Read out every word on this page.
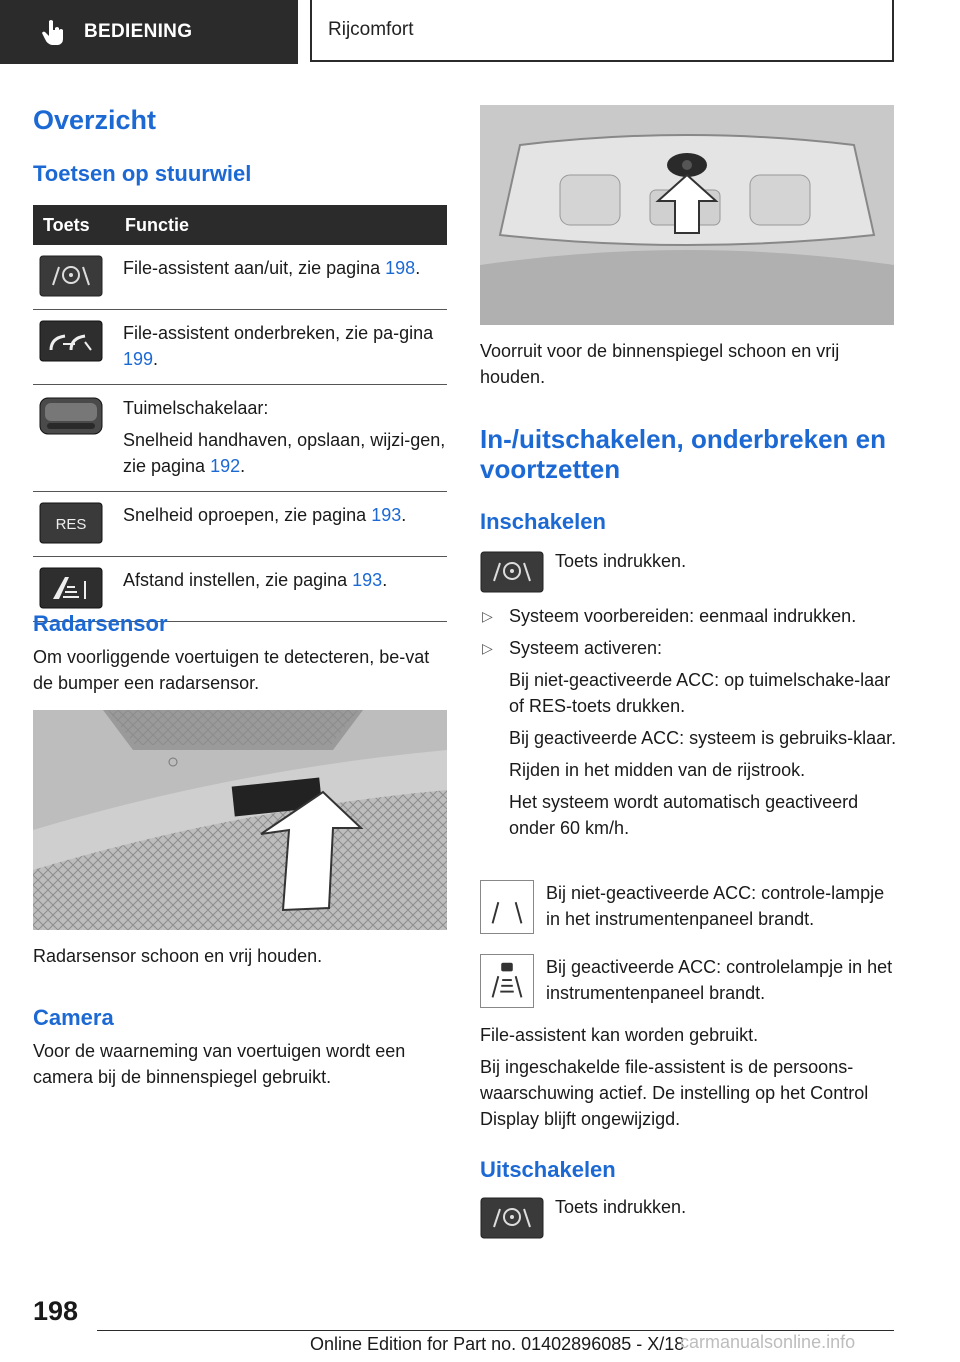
BEDIENING	Rijcomfort
Overzicht
Toetsen op stuurwiel
Toets	Functie

File-assistent aan/uit, zie pagina 198.

File-assistent onderbreken, zie pa-gina 199.

Tuimelschakelaar:
Snelheid handhaven, opslaan, wijzi-gen, zie pagina 192.

RES	Snelheid oproepen, zie pagina 193.

Afstand instellen, zie pagina 193.
Radarsensor

Om voorliggende voertuigen te detecteren, be-vat de bumper een radarsensor.

Radarsensor schoon en vrij houden.

Camera

Voor de waarneming van voertuigen wordt een camera bij de binnenspiegel gebruikt.

Voorruit voor de binnenspiegel schoon en vrij houden.

In-/uitschakelen, onderbreken en voortzetten
Inschakelen

Toets indrukken.

▷ Systeem voorbereiden: eenmaal indrukken.
▷ Systeem activeren:
Bij niet-geactiveerde ACC: op tuimelschake-laar of RES-toets drukken.
Bij geactiveerde ACC: systeem is gebruiks-klaar.
Rijden in het midden van de rijstrook.
Het systeem wordt automatisch geactiveerd onder 60 km/h.
Bij niet-geactiveerde ACC: controle-lampje in het instrumentenpaneel brandt.
Bij geactiveerde ACC: controlelampje in het instrumentenpaneel brandt.

File-assistent kan worden gebruikt.

Bij ingeschakelde file-assistent is de persoons-waarschuwing actief. De instelling op het Control Display blijft ongewijzigd.

Uitschakelen

Toets indrukken.

198
Online Edition for Part no. 01402896085 - X/18
carmanualsonline.info
